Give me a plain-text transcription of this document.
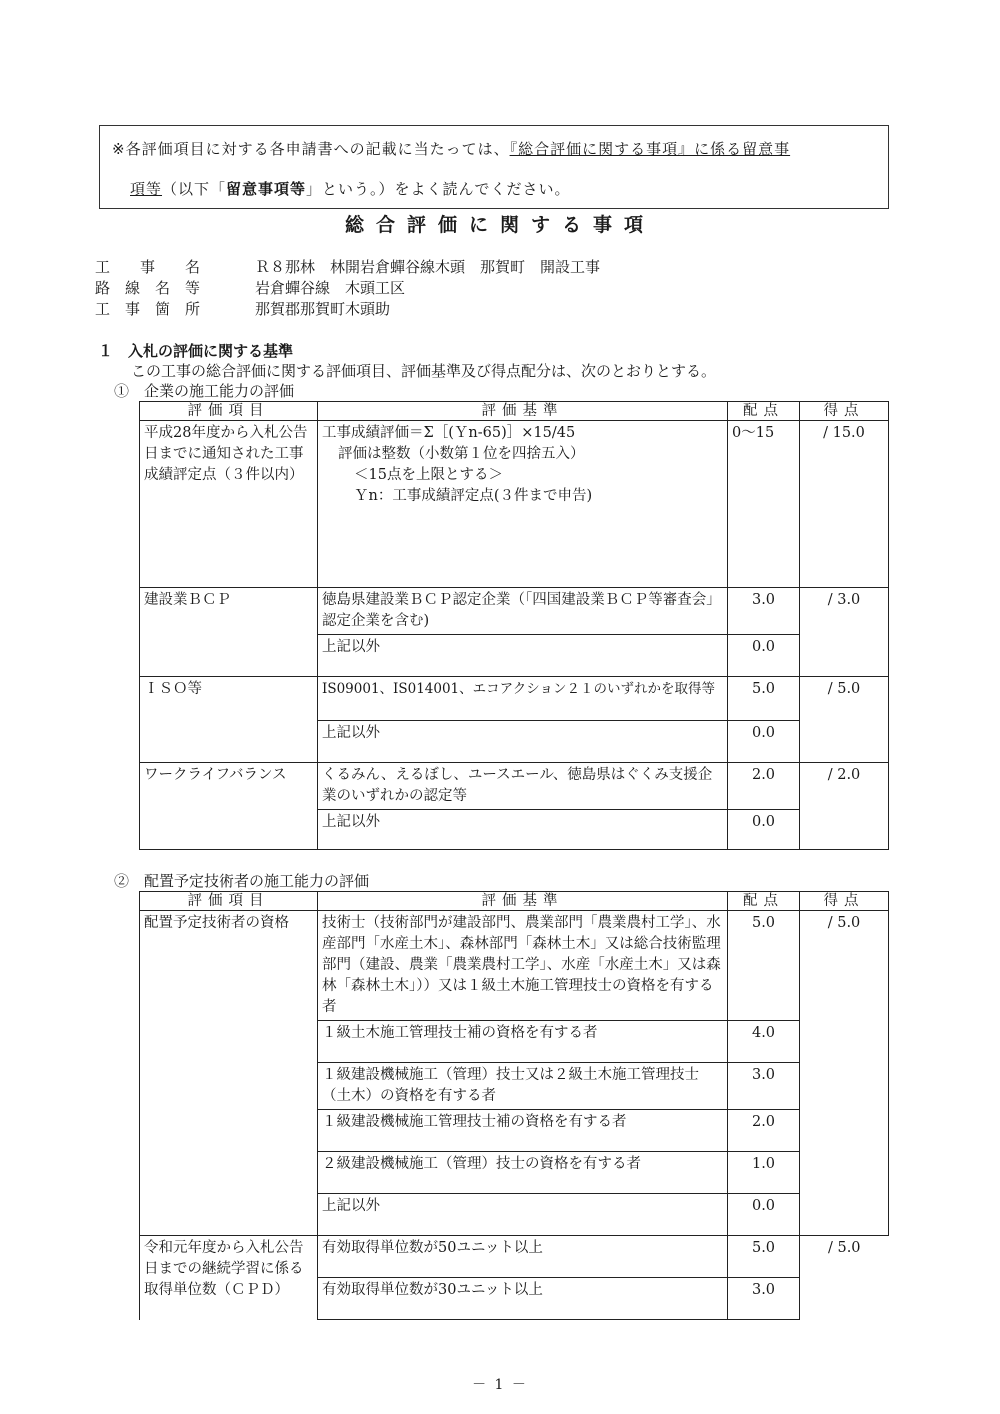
※各評価項目に対する各申請書への記載に当たっては、『総合評価に関する事項』に係る留意事
項等（以下「留意事項等」という。）をよく読んでください。
総合評価に関する事項
工　　事　　名	Ｒ８那林　林開岩倉蟬谷線木頭　那賀町　開設工事
路　線　名　等	岩倉蟬谷線　木頭工区
工　事　箇　所	那賀郡那賀町木頭助
１　入札の評価に関する基準
この工事の総合評価に関する評価項目、評価基準及び得点配分は、次のとおりとする。
①　企業の施工能力の評価
評価項目	評価基準	配点	得点
平成28年度から入札公告日までに通知された工事成績評定点（３件以内）	工事成績評価＝Σ［(Ｙn-65)］×15/45
評価は整数（小数第１位を四捨五入）
＜15点を上限とする＞
Ｙn：工事成績評定点(３件まで申告)	0～15	/ 15.0
建設業ＢＣＰ	徳島県建設業ＢＣＰ認定企業（「四国建設業ＢＣＰ等審査会」認定企業を含む)	3.0	/ 3.0
	上記以外	0.0	
ＩＳＯ等	IS09001、IS014001、エコアクション２１のいずれかを取得等	5.0	/ 5.0
	上記以外	0.0	
ワークライフバランス	くるみん、えるぼし、ユースエール、徳島県はぐくみ支援企業のいずれかの認定等	2.0	/ 2.0
	上記以外	0.0	
②　配置予定技術者の施工能力の評価
評価項目	評価基準	配点	得点
配置予定技術者の資格	技術士（技術部門が建設部門、農業部門「農業農村工学」、水産部門「水産土木」、森林部門「森林土木」又は総合技術監理部門（建設、農業「農業農村工学」、水産「水産土木」又は森林「森林土木」））又は１級土木施工管理技士の資格を有する者	5.0	/ 5.0
	１級土木施工管理技士補の資格を有する者	4.0	
	１級建設機械施工（管理）技士又は２級土木施工管理技士（土木）の資格を有する者	3.0	
	１級建設機械施工管理技士補の資格を有する者	2.0	
	２級建設機械施工（管理）技士の資格を有する者	1.0	
	上記以外	0.0	
令和元年度から入札公告日までの継続学習に係る取得単位数（ＣＰＤ）	有効取得単位数が50ユニット以上	5.0	/ 5.0
	有効取得単位数が30ユニット以上	3.0	
－ 1 －
